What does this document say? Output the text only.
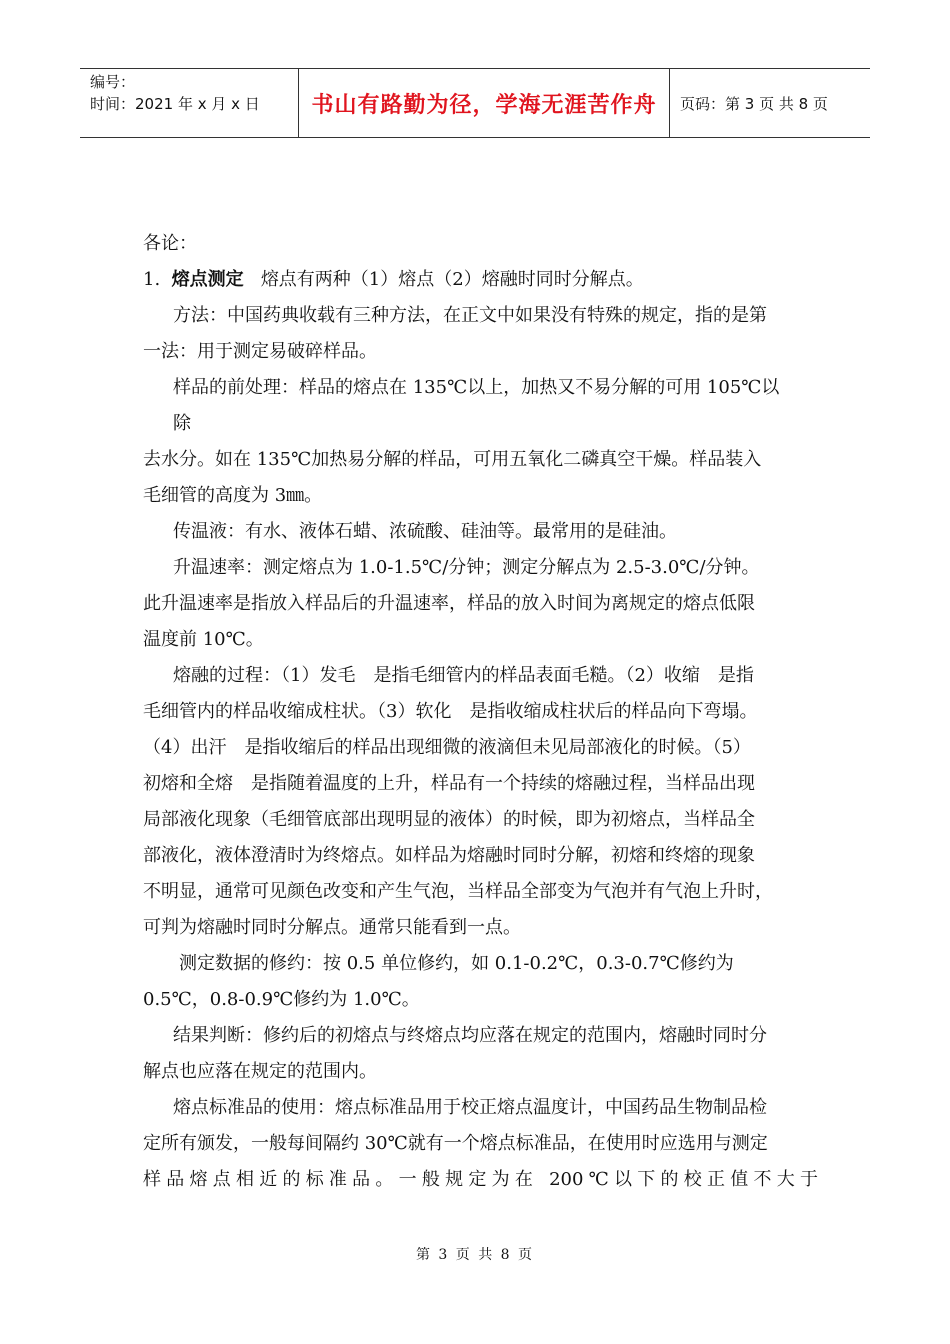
编号：
时间：2021 年 x 月 x 日	书山有路勤为径，学海无涯苦作舟	页码：第 3 页 共 8 页

各论：

1. 熔点测定 熔点有两种（1）熔点（2）熔融时同时分解点。

方法：中国药典收载有三种方法，在正文中如果没有特殊的规定，指的是第

一法：用于测定易破碎样品。

样品的前处理：样品的熔点在 135℃以上，加热又不易分解的可用 105℃以

除

去水分。如在 135℃加热易分解的样品，可用五氧化二磷真空干燥。样品装入

毛细管的高度为 3㎜。

传温液：有水、液体石蜡、浓硫酸、硅油等。最常用的是硅油。

升温速率：测定熔点为 1.0-1.5℃/分钟；测定分解点为 2.5-3.0℃/分钟。

此升温速率是指放入样品后的升温速率，样品的放入时间为离规定的熔点低限

温度前 10℃。

熔融的过程：（1）发毛　是指毛细管内的样品表面毛糙。（2）收缩　是指

毛细管内的样品收缩成柱状。（3）软化　是指收缩成柱状后的样品向下弯塌。

（4）出汗　是指收缩后的样品出现细微的液滴但未见局部液化的时候。（5）

初熔和全熔　是指随着温度的上升，样品有一个持续的熔融过程，当样品出现

局部液化现象（毛细管底部出现明显的液体）的时候，即为初熔点，当样品全

部液化，液体澄清时为终熔点。如样品为熔融时同时分解，初熔和终熔的现象

不明显，通常可见颜色改变和产生气泡，当样品全部变为气泡并有气泡上升时，

可判为熔融时同时分解点。通常只能看到一点。

测定数据的修约：按 0.5 单位修约，如 0.1-0.2℃，0.3-0.7℃修约为

0.5℃，0.8-0.9℃修约为 1.0℃。

结果判断：修约后的初熔点与终熔点均应落在规定的范围内，熔融时同时分

解点也应落在规定的范围内。

熔点标准品的使用：熔点标准品用于校正熔点温度计，中国药品生物制品检

定所有颁发，一般每间隔约 30℃就有一个熔点标准品，在使用时应选用与测定

样品熔点相近的标准品。一般规定为在 200℃以下的校正值不大于

第 3 页 共 8 页
